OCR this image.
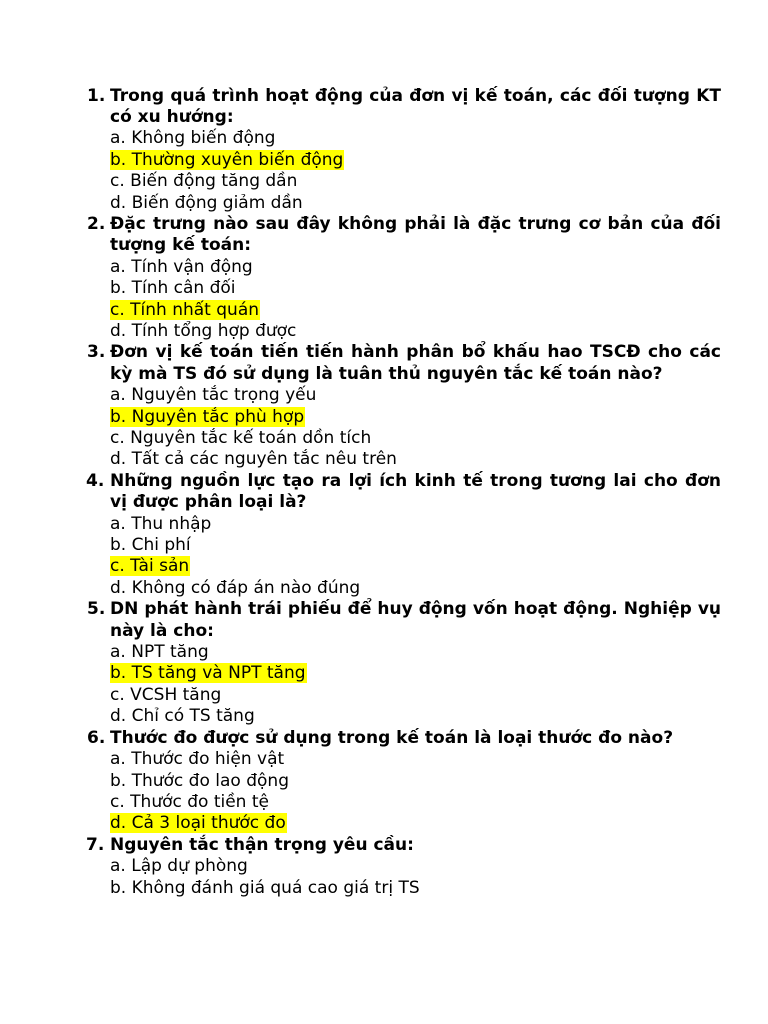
1. Trong quá trình hoạt động của đơn vị kế toán, các đối tượng KT có xu hướng:
a. Không biến động
b. Thường xuyên biến động
c. Biến động tăng dần
d. Biến động giảm dần
2. Đặc trưng nào sau đây không phải là đặc trưng cơ bản của đối tượng kế toán:
a. Tính vận động
b. Tính cân đối
c. Tính nhất quán
d. Tính tổng hợp được
3. Đơn vị kế toán tiến tiến hành phân bổ khấu hao TSCĐ cho các kỳ mà TS đó sử dụng là tuân thủ nguyên tắc kế toán nào?
a. Nguyên tắc trọng yếu
b. Nguyên tắc phù hợp
c. Nguyên tắc kế toán dồn tích
d. Tất cả các nguyên tắc nêu trên
4. Những nguồn lực tạo ra lợi ích kinh tế trong tương lai cho đơn vị được phân loại là?
a. Thu nhập
b. Chi phí
c. Tài sản
d. Không có đáp án nào đúng
5. DN phát hành trái phiếu để huy động vốn hoạt động. Nghiệp vụ này là cho:
a. NPT tăng
b. TS tăng và NPT tăng
c. VCSH tăng
d. Chỉ có TS tăng
6. Thước đo được sử dụng trong kế toán là loại thước đo nào?
a. Thước đo hiện vật
b. Thước đo lao động
c. Thước đo tiền tệ
d. Cả 3 loại thước đo
7. Nguyên tắc thận trọng yêu cầu:
a. Lập dự phòng
b. Không đánh giá quá cao giá trị TS
